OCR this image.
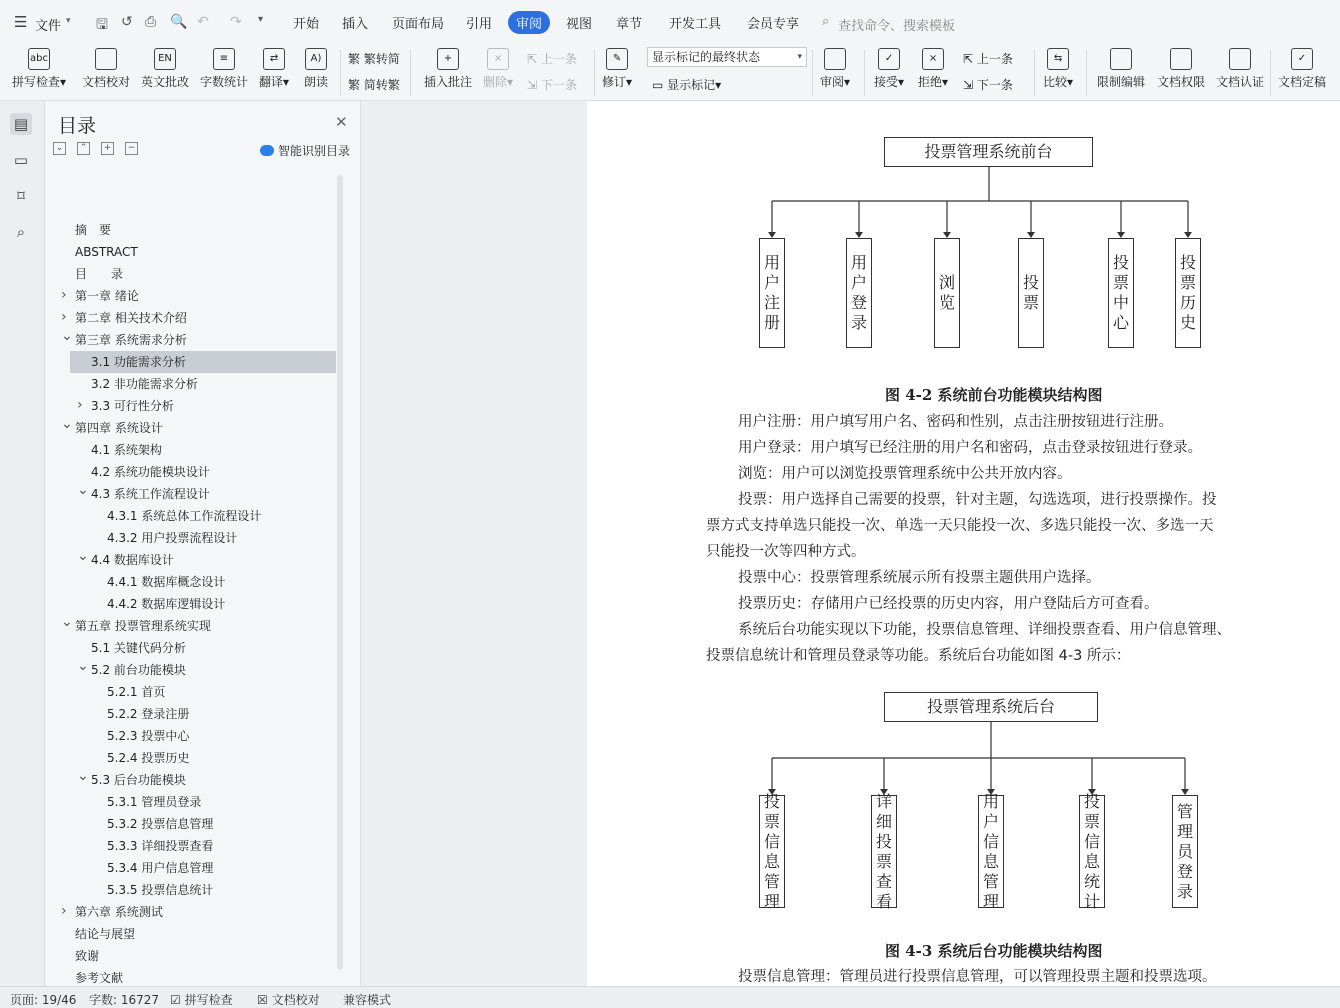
☰ 文件 ▾ 🖫 ↺ ⎙ 🔍 ↶ ↷ ▾ 开始 插入 页面布局 引用	审阅	视图 章节 开发工具 会员专享 ⌕ 查找命令、搜索模板
abc
拼写检查▾ 文档校对
EN
英文批改
≡
字数统计
⇄
翻译▾
A)
朗读
繁 繁转简
繁 简转繁
+
插入批注
×
删除▾
⇱ 上一条
⇲ 下一条
✎
修订▾
显示标记的最终状态	▾
▭ 显示标记▾	审阅▾
✓
接受▾
×
拒绝▾
⇱ 上一条
⇲ 下一条
⇆
比较▾ 限制编辑 文档权限 文档认证
✓
文档定稿
▤
▭
⌑
⌕
目录	✕
⌄	⌃	+	−	智能识别目录
摘　要
ABSTRACT
目　　录
第一章 绪论
›
第二章 相关技术介绍
›
第三章 系统需求分析
⌄
3.1 功能需求分析
3.2 非功能需求分析
3.3 可行性分析
›
第四章 系统设计
⌄
4.1 系统架构
4.2 系统功能模块设计
4.3 系统工作流程设计
⌄
4.3.1 系统总体工作流程设计
4.3.2 用户投票流程设计
4.4 数据库设计
⌄
4.4.1 数据库概念设计
4.4.2 数据库逻辑设计
第五章 投票管理系统实现
⌄
5.1 关键代码分析
5.2 前台功能模块
⌄
5.2.1 首页
5.2.2 登录注册
5.2.3 投票中心
5.2.4 投票历史
5.3 后台功能模块
⌄
5.3.1 管理员登录
5.3.2 投票信息管理
5.3.3 详细投票查看
5.3.4 用户信息管理
5.3.5 投票信息统计
第六章 系统测试
›
结论与展望
致谢
参考文献
投票管理系统前台
用户注册
用户登录
浏览
投票
投票中心
投票历史
图 4-2 系统前台功能模块结构图
用户注册：用户填写用户名、密码和性别，点击注册按钮进行注册。
用户登录：用户填写已经注册的用户名和密码，点击登录按钮进行登录。
浏览：用户可以浏览投票管理系统中公共开放内容。
投票：用户选择自己需要的投票，针对主题，勾选选项，进行投票操作。投
票方式支持单选只能投一次、单选一天只能投一次、多选只能投一次、多选一天
只能投一次等四种方式。
投票中心：投票管理系统展示所有投票主题供用户选择。
投票历史：存储用户已经投票的历史内容，用户登陆后方可查看。
系统后台功能实现以下功能，投票信息管理、详细投票查看、用户信息管理、
投票信息统计和管理员登录等功能。系统后台功能如图 4-3 所示：
投票管理系统后台
投票信息管理
详细投票查看
用户信息管理
投票信息统计
管理员登录
图 4-3 系统后台功能模块结构图
投票信息管理：管理员进行投票信息管理，可以管理投票主题和投票选项。
页面: 19/46 字数: 16727 ☑ 拼写检查 ☒ 文档校对 兼容模式
